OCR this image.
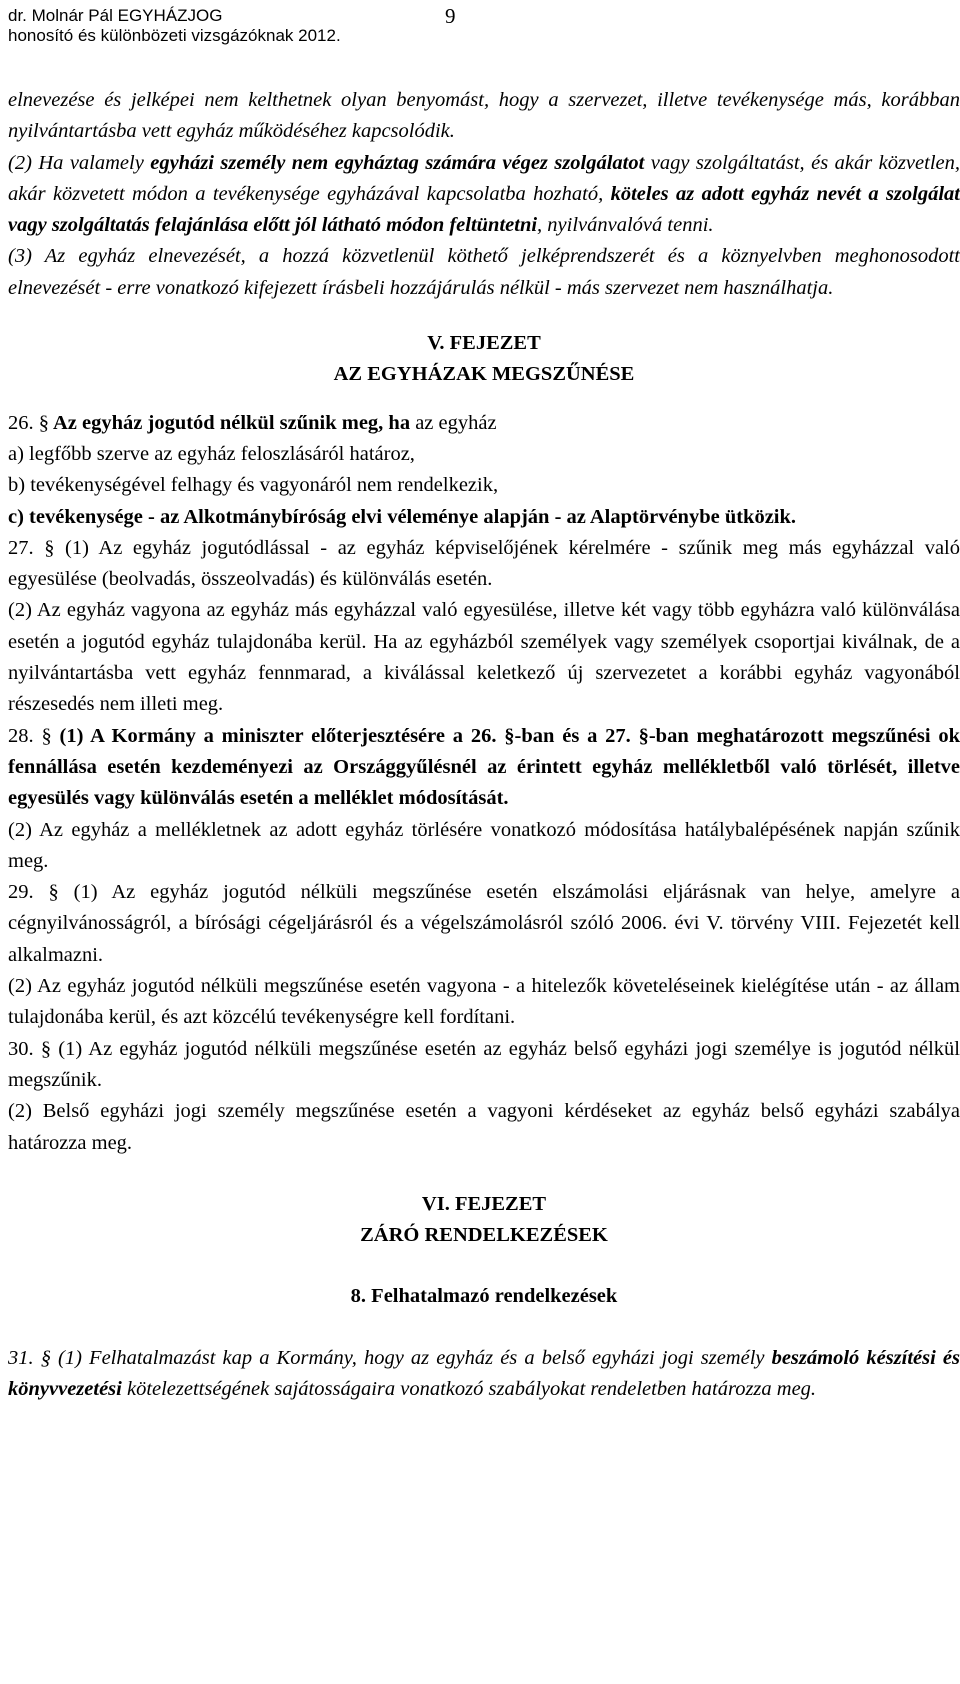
dr. Molnár Pál EGYHÁZJOG
honosító és különbözeti vizsgázóknak 2012.
9

elnevezése és jelképei nem kelthetnek olyan benyomást, hogy a szervezet, illetve tevékenysége más, korábban nyilvántartásba vett egyház működéséhez kapcsolódik.

(2) Ha valamely egyházi személy nem egyháztag számára végez szolgálatot vagy szolgáltatást, és akár közvetlen, akár közvetett módon a tevékenysége egyházával kapcsolatba hozható, köteles az adott egyház nevét a szolgálat vagy szolgáltatás felajánlása előtt jól látható módon feltüntetni, nyilvánvalóvá tenni.

(3) Az egyház elnevezését, a hozzá közvetlenül köthető jelképrendszerét és a köznyelvben meghonosodott elnevezését - erre vonatkozó kifejezett írásbeli hozzájárulás nélkül - más szervezet nem használhatja.

V. FEJEZET

AZ EGYHÁZAK MEGSZŰNÉSE

26. § Az egyház jogutód nélkül szűnik meg, ha az egyház

a) legfőbb szerve az egyház feloszlásáról határoz,

b) tevékenységével felhagy és vagyonáról nem rendelkezik,

c) tevékenysége - az Alkotmánybíróság elvi véleménye alapján - az Alaptörvénybe ütközik.

27. § (1) Az egyház jogutódlással - az egyház képviselőjének kérelmére - szűnik meg más egyházzal való egyesülése (beolvadás, összeolvadás) és különválás esetén.

(2) Az egyház vagyona az egyház más egyházzal való egyesülése, illetve két vagy több egyházra való különválása esetén a jogutód egyház tulajdonába kerül. Ha az egyházból személyek vagy személyek csoportjai kiválnak, de a nyilvántartásba vett egyház fennmarad, a kiválással keletkező új szervezetet a korábbi egyház vagyonából részesedés nem illeti meg.

28. § (1) A Kormány a miniszter előterjesztésére a 26. §-ban és a 27. §-ban meghatározott megszűnési ok fennállása esetén kezdeményezi az Országgyűlésnél az érintett egyház mellékletből való törlését, illetve egyesülés vagy különválás esetén a melléklet módosítását.

(2) Az egyház a mellékletnek az adott egyház törlésére vonatkozó módosítása hatálybalépésének napján szűnik meg.

29. § (1) Az egyház jogutód nélküli megszűnése esetén elszámolási eljárásnak van helye, amelyre a cégnyilvánosságról, a bírósági cégeljárásról és a végelszámolásról szóló 2006. évi V. törvény VIII. Fejezetét kell alkalmazni.

(2) Az egyház jogutód nélküli megszűnése esetén vagyona - a hitelezők követeléseinek kielégítése után - az állam tulajdonába kerül, és azt közcélú tevékenységre kell fordítani.

30. § (1) Az egyház jogutód nélküli megszűnése esetén az egyház belső egyházi jogi személye is jogutód nélkül megszűnik.

(2) Belső egyházi jogi személy megszűnése esetén a vagyoni kérdéseket az egyház belső egyházi szabálya határozza meg.

VI. FEJEZET

ZÁRÓ RENDELKEZÉSEK

8. Felhatalmazó rendelkezések

31. § (1) Felhatalmazást kap a Kormány, hogy az egyház és a belső egyházi jogi személy beszámoló készítési és könyvvezetési kötelezettségének sajátosságaira vonatkozó szabályokat rendeletben határozza meg.
